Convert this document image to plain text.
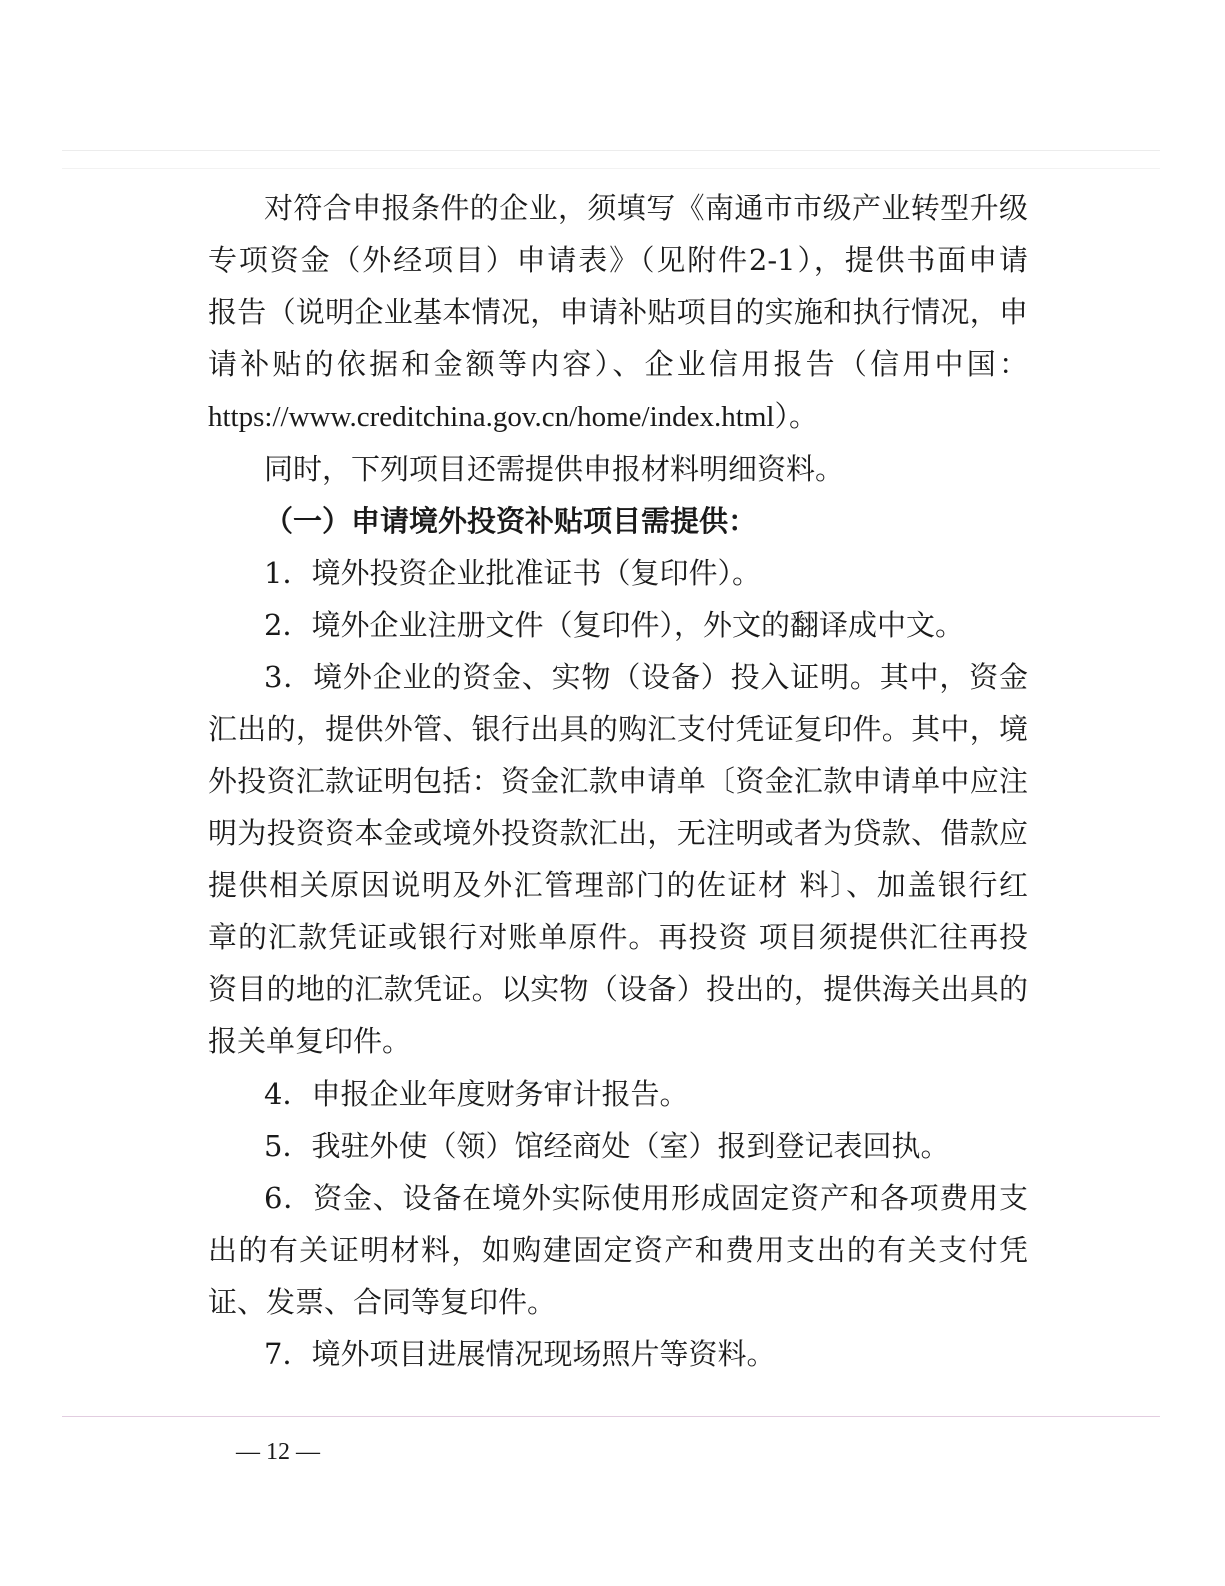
对符合申报条件的企业，须填写《南通市市级产业转型升级
专项资金（外经项目）申请表》（见附件2-1），提供书面申请
报告（说明企业基本情况，申请补贴项目的实施和执行情况，申
请补贴的依据和金额等内容）、企业信用报告（信用中国：
https://www.creditchina.gov.cn/home/index.html）。
同时，下列项目还需提供申报材料明细资料。
（一）申请境外投资补贴项目需提供：
1．境外投资企业批准证书（复印件）。
2．境外企业注册文件（复印件），外文的翻译成中文。
3．境外企业的资金、实物（设备）投入证明。其中，资金
汇出的，提供外管、银行出具的购汇支付凭证复印件。其中，境
外投资汇款证明包括：资金汇款申请单〔资金汇款申请单中应注
明为投资资本金或境外投资款汇出，无注明或者为贷款、借款应
提供相关原因说明及外汇管理部门的佐证材 料〕、加盖银行红
章的汇款凭证或银行对账单原件。再投资 项目须提供汇往再投
资目的地的汇款凭证。以实物（设备）投出的，提供海关出具的
报关单复印件。
4．申报企业年度财务审计报告。
5．我驻外使（领）馆经商处（室）报到登记表回执。
6．资金、设备在境外实际使用形成固定资产和各项费用支
出的有关证明材料，如购建固定资产和费用支出的有关支付凭
证、发票、合同等复印件。
7．境外项目进展情况现场照片等资料。
— 12 —
